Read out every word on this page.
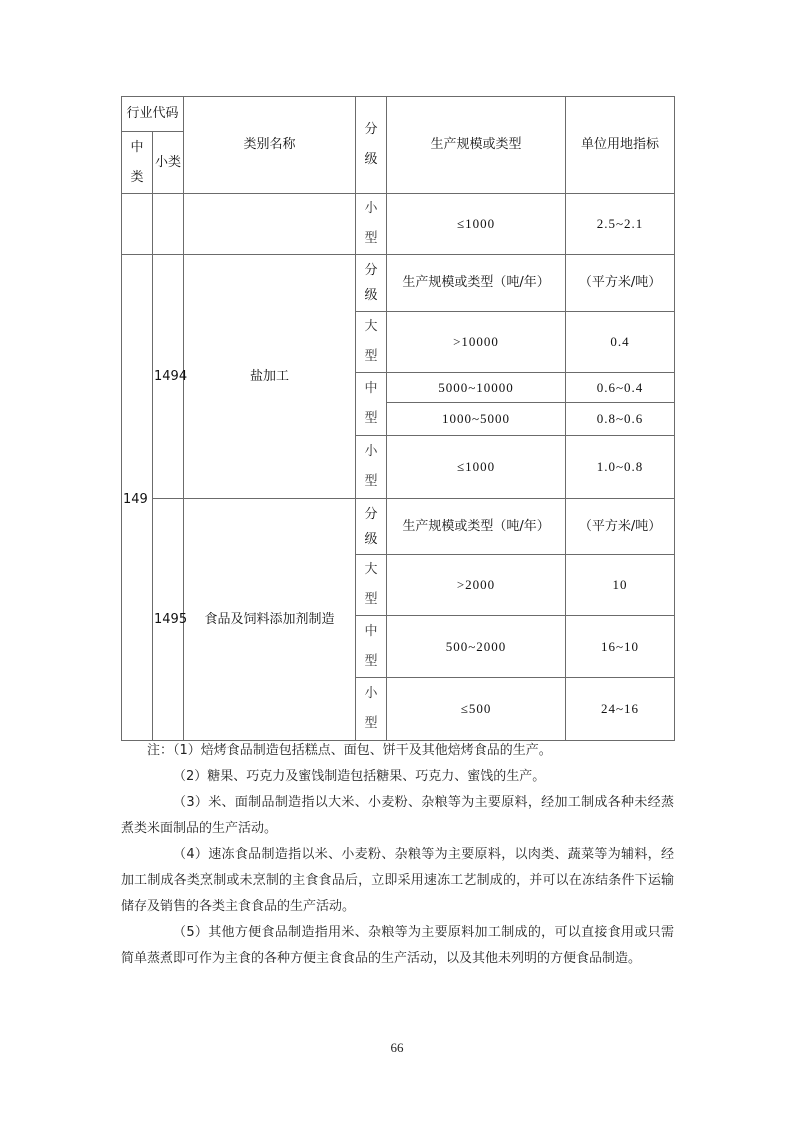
行业代码		类别名称	分级	生产规模或类型	单位用地指标
中类	小类				
			小型	≤1000	2.5~2.1
149	1494	盐加工	分级	生产规模或类型（吨/年）	（平方米/吨）
			大型	>10000	0.4
			中型	5000~10000	0.6~0.4
				1000~5000	0.8~0.6
			小型	≤1000	1.0~0.8
	1495	食品及饲料添加剂制造	分级	生产规模或类型（吨/年）	（平方米/吨）
			大型	>2000	10
			中型	500~2000	16~10
			小型	≤500	24~16

注：（1）焙烤食品制造包括糕点、面包、饼干及其他焙烤食品的生产。

（2）糖果、巧克力及蜜饯制造包括糖果、巧克力、蜜饯的生产。

（3）米、面制品制造指以大米、小麦粉、杂粮等为主要原料，经加工制成各种未经蒸煮类米面制品的生产活动。

（4）速冻食品制造指以米、小麦粉、杂粮等为主要原料，以肉类、蔬菜等为辅料，经加工制成各类烹制或未烹制的主食食品后，立即采用速冻工艺制成的，并可以在冻结条件下运输储存及销售的各类主食食品的生产活动。

（5）其他方便食品制造指用米、杂粮等为主要原料加工制成的，可以直接食用或只需简单蒸煮即可作为主食的各种方便主食食品的生产活动，以及其他未列明的方便食品制造。

66
